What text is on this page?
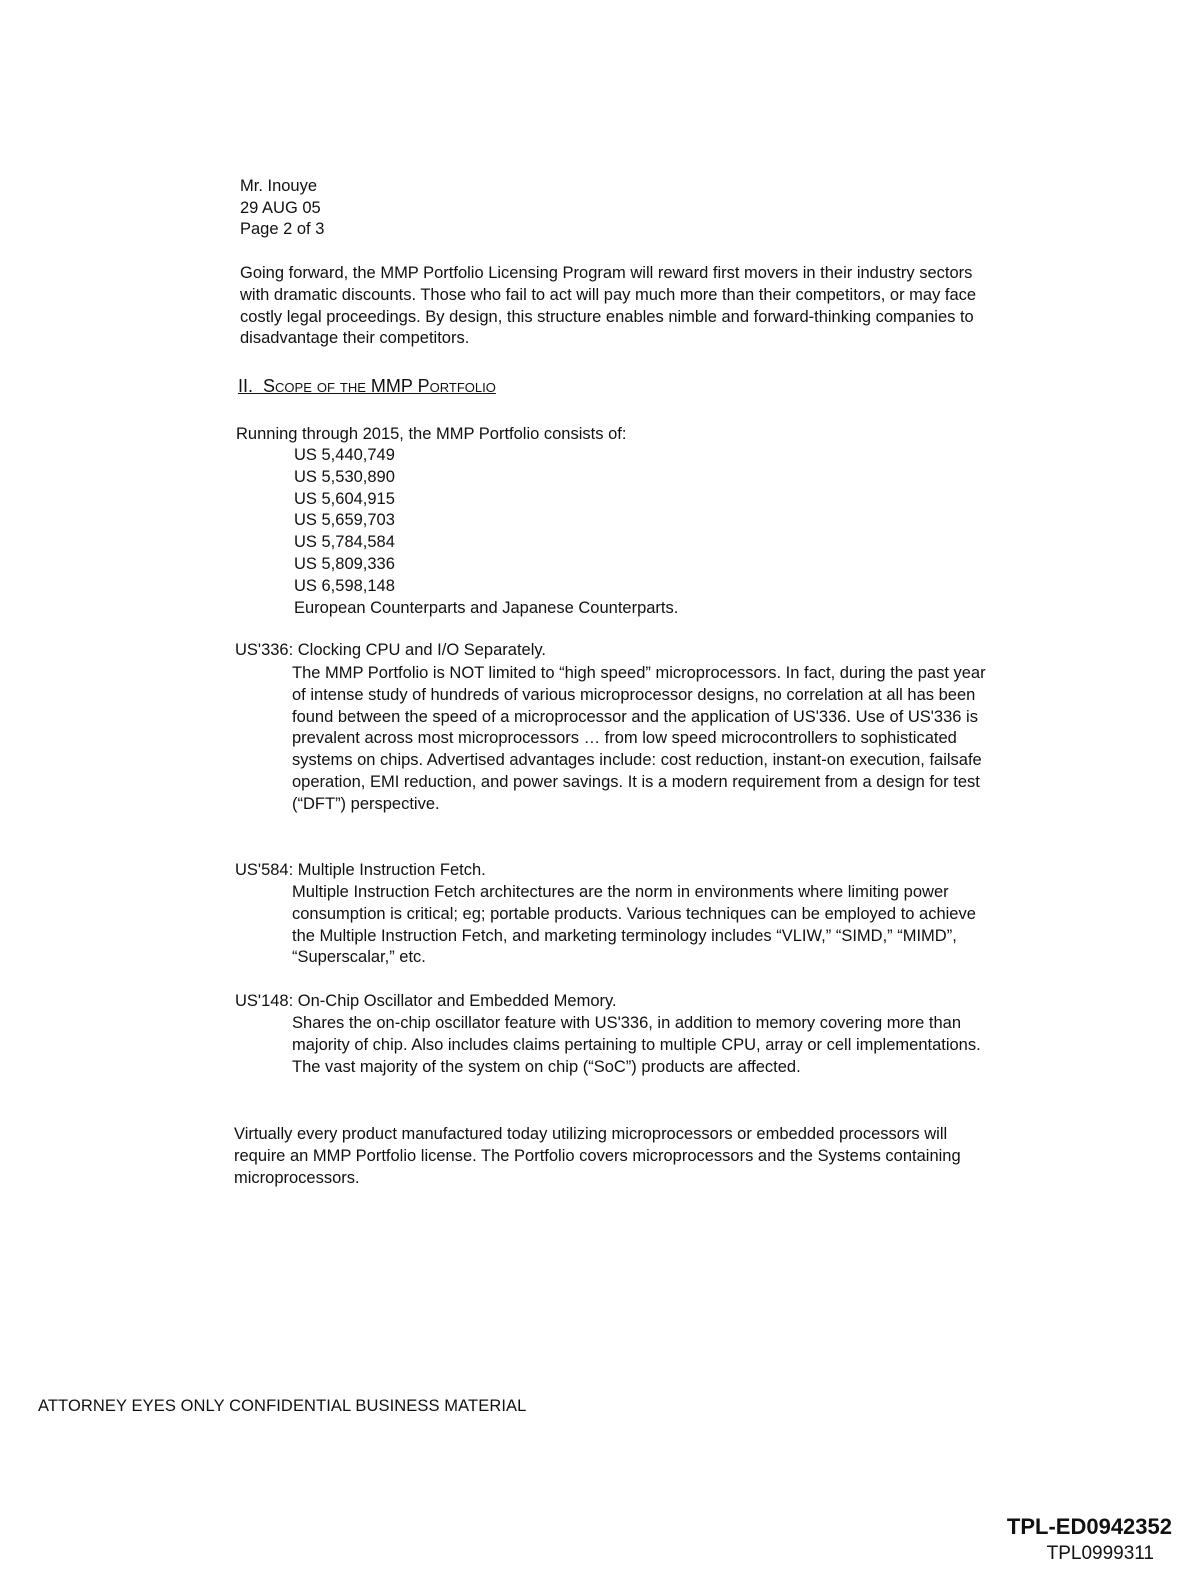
Mr. Inouye
29 AUG 05
Page 2 of 3
Going forward, the MMP Portfolio Licensing Program will reward first movers in their industry sectors with dramatic discounts. Those who fail to act will pay much more than their competitors, or may face costly legal proceedings. By design, this structure enables nimble and forward-thinking companies to disadvantage their competitors.
II. Scope of the MMP Portfolio
Running through 2015, the MMP Portfolio consists of:
US 5,440,749
US 5,530,890
US 5,604,915
US 5,659,703
US 5,784,584
US 5,809,336
US 6,598,148
European Counterparts and Japanese Counterparts.
US'336: Clocking CPU and I/O Separately.
The MMP Portfolio is NOT limited to “high speed” microprocessors. In fact, during the past year of intense study of hundreds of various microprocessor designs, no correlation at all has been found between the speed of a microprocessor and the application of US'336. Use of US'336 is prevalent across most microprocessors … from low speed microcontrollers to sophisticated systems on chips. Advertised advantages include: cost reduction, instant-on execution, failsafe operation, EMI reduction, and power savings. It is a modern requirement from a design for test (“DFT”) perspective.
US'584: Multiple Instruction Fetch.
Multiple Instruction Fetch architectures are the norm in environments where limiting power consumption is critical; eg; portable products. Various techniques can be employed to achieve the Multiple Instruction Fetch, and marketing terminology includes “VLIW,” “SIMD,” “MIMD”, “Superscalar,” etc.
US'148: On-Chip Oscillator and Embedded Memory.
Shares the on-chip oscillator feature with US'336, in addition to memory covering more than majority of chip. Also includes claims pertaining to multiple CPU, array or cell implementations. The vast majority of the system on chip (“SoC”) products are affected.
Virtually every product manufactured today utilizing microprocessors or embedded processors will require an MMP Portfolio license. The Portfolio covers microprocessors and the Systems containing microprocessors.
ATTORNEY EYES ONLY CONFIDENTIAL BUSINESS MATERIAL
TPL-ED0942352
TPL0999311
